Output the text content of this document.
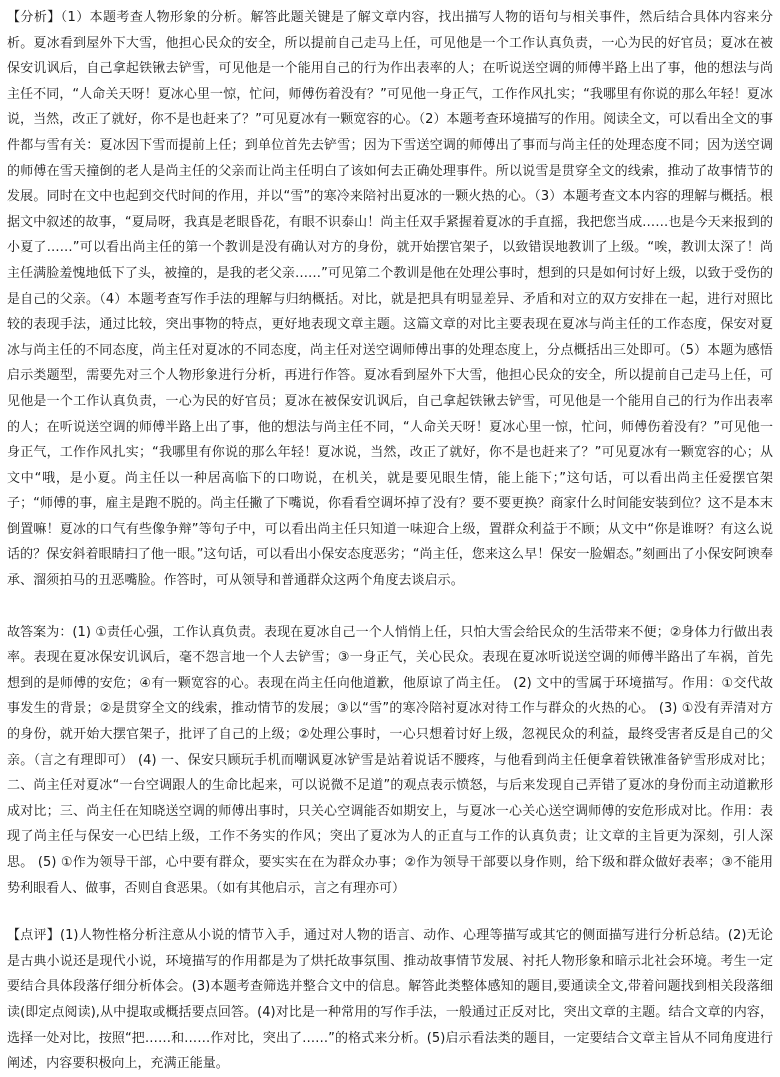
【分析】（1）本题考查人物形象的分析。解答此题关键是了解文章内容，找出描写人物的语句与相关事件，然后结合具体内容来分析。夏冰看到屋外下大雪，他担心民众的安全，所以提前自己走马上任，可见他是一个工作认真负责，一心为民的好官员；夏冰在被保安讥讽后，自己拿起铁锹去铲雪，可见他是一个能用自己的行为作出表率的人；在听说送空调的师傅半路上出了事，他的想法与尚主任不同，“人命关天呀！夏冰心里一惊，忙问，师傅伤着没有？”可见他一身正气，工作作风扎实；“我哪里有你说的那么年轻！夏冰说，当然，改正了就好，你不是也赶来了？”可见夏冰有一颗宽容的心。（2）本题考查环境描写的作用。阅读全文，可以看出全文的事件都与雪有关：夏冰因下雪而提前上任；到单位首先去铲雪；因为下雪送空调的师傅出了事而与尚主任的处理态度不同；因为送空调的师傅在雪天撞倒的老人是尚主任的父亲而让尚主任明白了该如何去正确处理事件。所以说雪是贯穿全文的线索，推动了故事情节的发展。同时在文中也起到交代时间的作用，并以“雪”的寒冷来陪衬出夏冰的一颗火热的心。（3）本题考查文本内容的理解与概括。根据文中叙述的故事，“夏局呀，我真是老眼昏花，有眼不识泰山！尚主任双手紧握着夏冰的手直摇，我把您当成……也是今天来报到的小夏了……”可以看出尚主任的第一个教训是没有确认对方的身份，就开始摆官架子，以致错误地教训了上级。“唉，教训太深了！尚主任满脸羞愧地低下了头，被撞的，是我的老父亲……”可见第二个教训是他在处理公事时，想到的只是如何讨好上级，以致于受伤的是自己的父亲。（4）本题考查写作手法的理解与归纳概括。对比，就是把具有明显差异、矛盾和对立的双方安排在一起，进行对照比较的表现手法，通过比较，突出事物的特点，更好地表现文章主题。这篇文章的对比主要表现在夏冰与尚主任的工作态度，保安对夏冰与尚主任的不同态度，尚主任对夏冰的不同态度，尚主任对送空调师傅出事的处理态度上，分点概括出三处即可。（5）本题为感悟启示类题型，需要先对三个人物形象进行分析，再进行作答。夏冰看到屋外下大雪，他担心民众的安全，所以提前自己走马上任，可见他是一个工作认真负责，一心为民的好官员；夏冰在被保安讥讽后，自己拿起铁锹去铲雪，可见他是一个能用自己的行为作出表率的人；在听说送空调的师傅半路上出了事，他的想法与尚主任不同，“人命关天呀！夏冰心里一惊，忙问，师傅伤着没有？”可见他一身正气，工作作风扎实；“我哪里有你说的那么年轻！夏冰说，当然，改正了就好，你不是也赶来了？”可见夏冰有一颗宽容的心；从文中“哦，是小夏。尚主任以一种居高临下的口吻说，在机关，就是要见眼生情，能上能下；”这句话，可以看出尚主任爱摆官架子；“师傅的事，雇主是跑不脱的。尚主任撇了下嘴说，你看看空调坏掉了没有？要不要更换？商家什么时间能安装到位？这不是本末倒置嘛！夏冰的口气有些像争辩”等句子中，可以看出尚主任只知道一味迎合上级，置群众利益于不顾；从文中“你是谁呀？有这么说话的？保安斜着眼睛扫了他一眼。”这句话，可以看出小保安态度恶劣；“尚主任，您来这么早！保安一脸媚态。”刻画出了小保安阿谀奉承、溜须拍马的丑恶嘴脸。作答时，可从领导和普通群众这两个角度去谈启示。

故答案为：(1) ①责任心强，工作认真负责。表现在夏冰自己一个人悄悄上任，只怕大雪会给民众的生活带来不便；②身体力行做出表率。表现在夏冰保安讥讽后，毫不怨言地一个人去铲雪；③一身正气，关心民众。表现在夏冰听说送空调的师傅半路出了车祸，首先想到的是师傅的安危；④有一颗宽容的心。表现在尚主任向他道歉，他原谅了尚主任。 (2) 文中的雪属于环境描写。作用：①交代故事发生的背景；②是贯穿全文的线索，推动情节的发展；③以“雪”的寒冷陪衬夏冰对待工作与群众的火热的心。 (3) ①没有弄清对方的身份，就开始大摆官架子，批评了自己的上级；②处理公事时，一心只想着讨好上级，忽视民众的利益，最终受害者反是自己的父亲。（言之有理即可） (4) 一、保安只顾玩手机而嘲讽夏冰铲雪是站着说话不腰疼，与他看到尚主任便拿着铁锹准备铲雪形成对比；二、尚主任对夏冰“一台空调跟人的生命比起来，可以说微不足道”的观点表示愤怒，与后来发现自己弄错了夏冰的身份而主动道歉形成对比；三、尚主任在知晓送空调的师傅出事时，只关心空调能否如期安上，与夏冰一心关心送空调师傅的安危形成对比。作用：表现了尚主任与保安一心巴结上级，工作不务实的作风；突出了夏冰为人的正直与工作的认真负责；让文章的主旨更为深刻，引人深思。 (5) ①作为领导干部，心中要有群众，要实实在在为群众办事；②作为领导干部要以身作则，给下级和群众做好表率；③不能用势利眼看人、做事，否则自食恶果。（如有其他启示，言之有理亦可）

【点评】(1)人物性格分析注意从小说的情节入手，通过对人物的语言、动作、心理等描写或其它的侧面描写进行分析总结。(2)无论是古典小说还是现代小说，环境描写的作用都是为了烘托故事氛围、推动故事情节发展、衬托人物形象和暗示北社会环境。考生一定要结合具体段落仔细分析体会。(3)本题考查筛选并整合文中的信息。解答此类整体感知的题目,要通读全文,带着问题找到相关段落细读(即定点阅读),从中提取或概括要点回答。(4)对比是一种常用的写作手法，一般通过正反对比，突出文章的主题。结合文章的内容，选择一处对比，按照“把……和……作对比，突出了……”的格式来分析。(5)启示看法类的题目，一定要结合文章主旨从不同角度进行阐述，内容要积极向上，充满正能量。
